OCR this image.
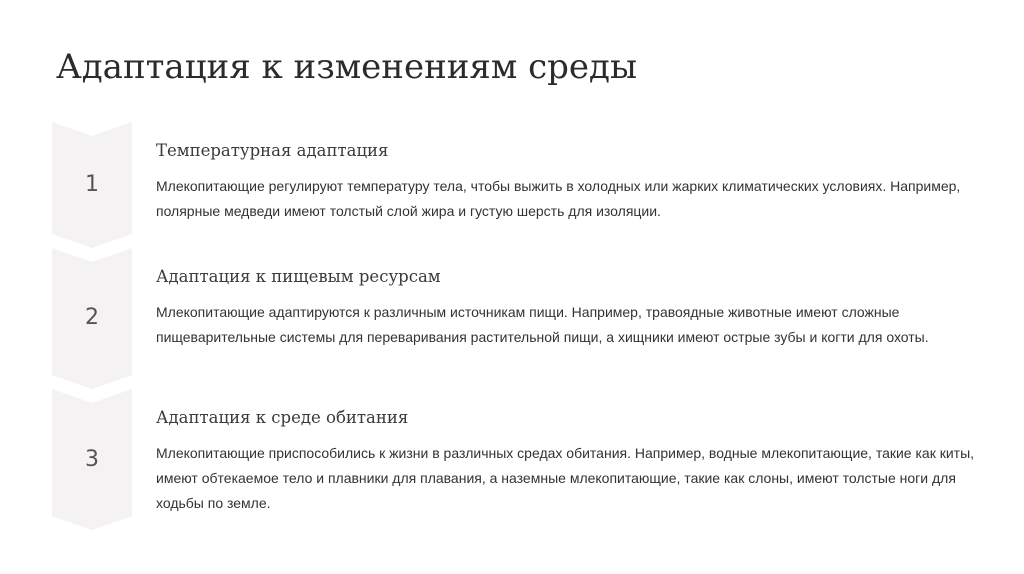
Адаптация к изменениям среды
1
Температурная адаптация

Млекопитающие регулируют температуру тела, чтобы выжить в холодных или жарких климатических условиях. Например, полярные медведи имеют толстый слой жира и густую шерсть для изоляции.

2
Адаптация к пищевым ресурсам

Млекопитающие адаптируются к различным источникам пищи. Например, травоядные животные имеют сложные пищеварительные системы для переваривания растительной пищи, а хищники имеют острые зубы и когти для охоты.

3
Адаптация к среде обитания

Млекопитающие приспособились к жизни в различных средах обитания. Например, водные млекопитающие, такие как киты, имеют обтекаемое тело и плавники для плавания, а наземные млекопитающие, такие как слоны, имеют толстые ноги для ходьбы по земле.
